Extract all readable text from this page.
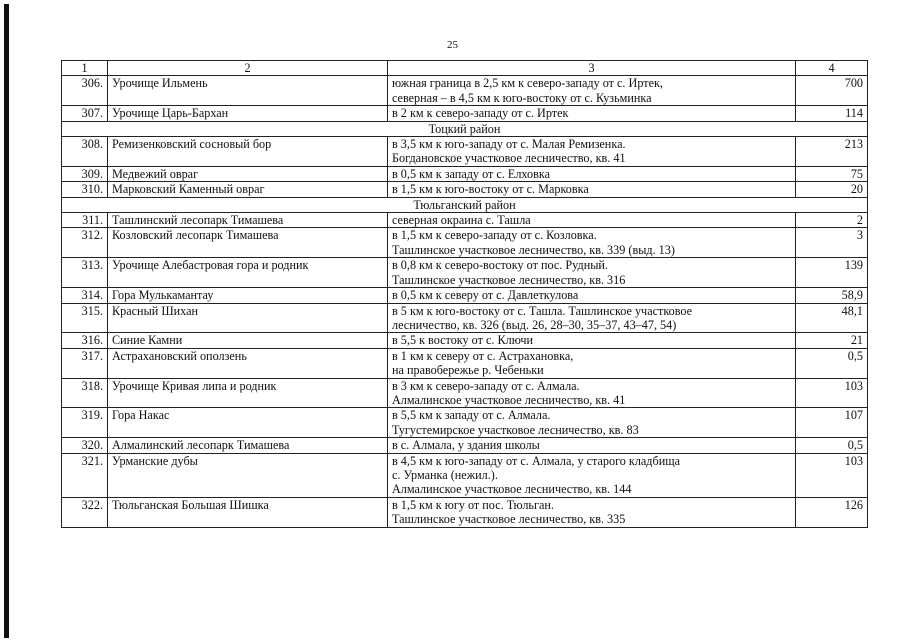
25
1	2	3	4
306.	Урочище Ильмень	южная граница в 2,5 км к северо-западу от с. Иртек,
северная – в 4,5 км к юго-востоку от с. Кузьминка	700
307.	Урочище Царь-Бархан	в 2 км к северо-западу от с. Иртек	114
Тоцкий район			
308.	Ремизенковский сосновый бор	в 3,5 км к юго-западу от с. Малая Ремизенка.
Богдановское участковое лесничество, кв. 41	213
309.	Медвежий овраг	в 0,5 км к западу от с. Елховка	75
310.	Марковский Каменный овраг	в 1,5 км к юго-востоку от с. Марковка	20
Тюльганский район			
311.	Ташлинский лесопарк Тимашева	северная окраина с. Ташла	2
312.	Козловский лесопарк Тимашева	в 1,5 км к северо-западу от с. Козловка.
Ташлинское участковое лесничество, кв. 339 (выд. 13)	3
313.	Урочище Алебастровая гора и родник	в 0,8 км к северо-востоку от пос. Рудный.
Ташлинское участковое лесничество, кв. 316	139
314.	Гора Мулькамантау	в 0,5 км к северу от с. Давлеткулова	58,9
315.	Красный Шихан	в 5 км к юго-востоку от с. Ташла. Ташлинское участковое
лесничество, кв. 326 (выд. 26, 28–30, 35–37, 43–47, 54)	48,1
316.	Синие Камни	в 5,5 к востоку от с. Ключи	21
317.	Астрахановский оползень	в 1 км к северу от с. Астрахановка,
на правобережье р. Чебеньки	0,5
318.	Урочище Кривая липа и родник	в 3 км к северо-западу от с. Алмала.
Алмалинское участковое лесничество, кв. 41	103
319.	Гора Накас	в 5,5 км к западу от с. Алмала.
Тугустемирское участковое лесничество, кв. 83	107
320.	Алмалинский лесопарк Тимашева	в с. Алмала, у здания школы	0,5
321.	Урманские дубы	в 4,5 км к юго-западу от с. Алмала, у старого кладбища
с. Урманка (нежил.).
Алмалинское участковое лесничество, кв. 144	103
322.	Тюльганская Большая Шишка	в 1,5 км к югу от пос. Тюльган.
Ташлинское участковое лесничество, кв. 335	126
